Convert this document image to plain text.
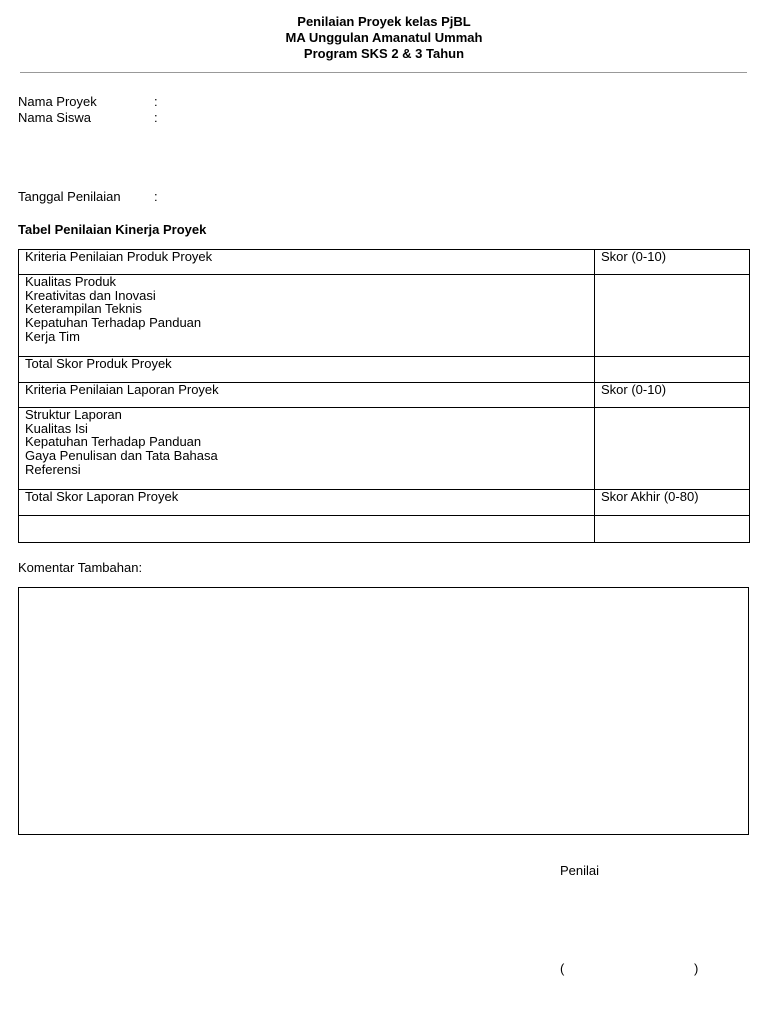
Penilaian Proyek kelas PjBL
MA Unggulan Amanatul Ummah
Program SKS 2 & 3 Tahun
Nama Proyek	:
Nama Siswa	:
Tanggal Penilaian	:
Tabel Penilaian Kinerja Proyek
Kriteria Penilaian Produk Proyek	Skor (0-10)

Kualitas Produk
Kreativitas dan Inovasi
Keterampilan Teknis
Kepatuhan Terhadap Panduan
Kerja Tim	

Total Skor Produk Proyek	
Kriteria Penilaian Laporan Proyek	Skor (0-10)

Struktur Laporan
Kualitas Isi
Kepatuhan Terhadap Panduan
Gaya Penulisan dan Tata Bahasa
Referensi	

Total Skor Laporan Proyek	Skor Akhir (0-80)

Komentar Tambahan:
Penilai
(	)
